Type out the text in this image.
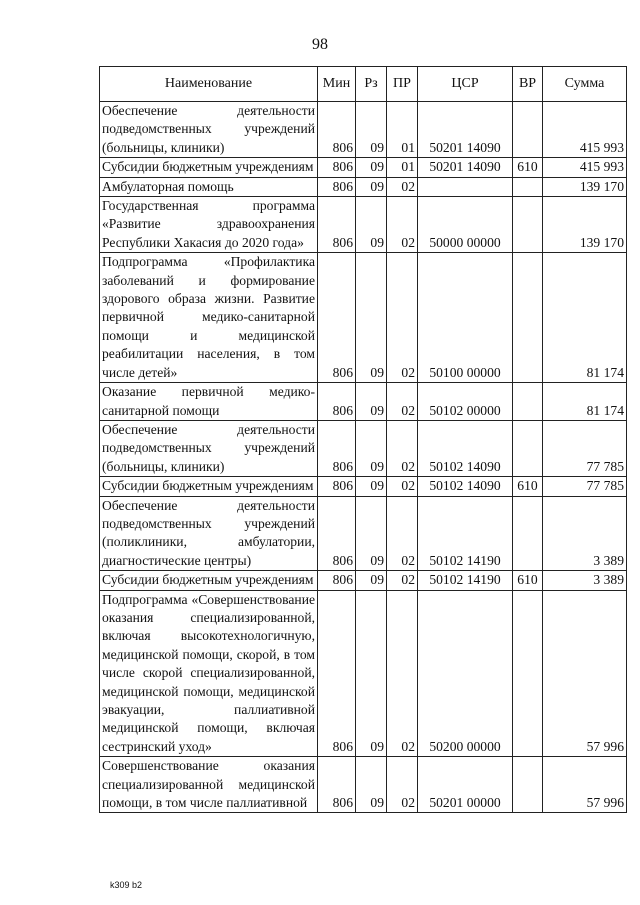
98
Наименование	Мин	Рз	ПР	ЦСР	ВР	Сумма
Обеспечение деятельности подведомственных учреждений (больницы, клиники)	806	09	01	50201 14090		415 993
Субсидии бюджетным учреждениям	806	09	01	50201 14090	610	415 993
Амбулаторная помощь	806	09	02			139 170
Государственная программа «Развитие здравоохранения Республики Хакасия до 2020 года»	806	09	02	50000 00000		139 170
Подпрограмма «Профилактика заболеваний и формирование здорового образа жизни. Развитие первичной медико-санитарной помощи и медицинской реабилитации населения, в том числе детей»	806	09	02	50100 00000		81 174
Оказание первичной медико-санитарной помощи	806	09	02	50102 00000		81 174
Обеспечение деятельности подведомственных учреждений (больницы, клиники)	806	09	02	50102 14090		77 785
Субсидии бюджетным учреждениям	806	09	02	50102 14090	610	77 785
Обеспечение деятельности подведомственных учреждений (поликлиники, амбулатории, диагностические центры)	806	09	02	50102 14190		3 389
Субсидии бюджетным учреждениям	806	09	02	50102 14190	610	3 389
Подпрограмма «Совершенствование оказания специализированной, включая высокотехнологичную, медицинской помощи, скорой, в том числе скорой специализированной, медицинской помощи, медицинской эвакуации, паллиативной медицинской помощи, включая сестринский уход»	806	09	02	50200 00000		57 996
Совершенствование оказания специализированной медицинской помощи, в том числе паллиативной	806	09	02	50201 00000		57 996
k309 b2
